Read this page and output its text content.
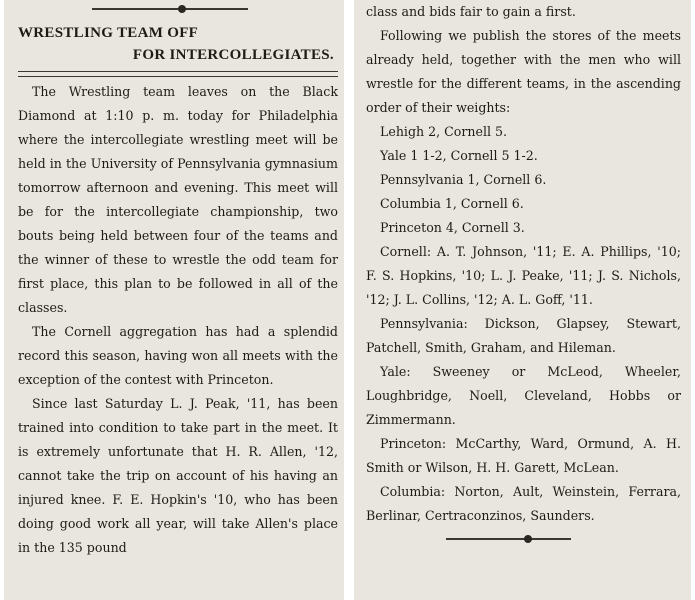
WRESTLING TEAM OFF
FOR INTERCOLLEGIATES.

The Wrestling team leaves on the Black Diamond at 1:10 p. m. today for Philadelphia where the intercollegiate wrestling meet will be held in the University of Pennsylvania gymnasium tomorrow afternoon and evening. This meet will be for the intercollegiate championship, two bouts being held between four of the teams and the winner of these to wrestle the odd team for first place, this plan to be followed in all of the classes.

The Cornell aggregation has had a splendid record this season, having won all meets with the exception of the contest with Princeton.

Since last Saturday L. J. Peak, '11, has been trained into condition to take part in the meet. It is extremely unfortunate that H. R. Allen, '12, cannot take the trip on account of his having an injured knee. F. E. Hopkin's '10, who has been doing good work all year, will take Allen's place in the 135 pound

class and bids fair to gain a first.

Following we publish the stores of the meets already held, together with the men who will wrestle for the different teams, in the ascending order of their weights:

Lehigh 2, Cornell 5.

Yale 1 1-2, Cornell 5 1-2.

Pennsylvania 1, Cornell 6.

Columbia 1, Cornell 6.

Princeton 4, Cornell 3.

Cornell: A. T. Johnson, '11; E. A. Phillips, '10; F. S. Hopkins, '10; L. J. Peake, '11; J. S. Nichols, '12; J. L. Collins, '12; A. L. Goff, '11.

Pennsylvania: Dickson, Glapsey, Stewart, Patchell, Smith, Graham, and Hileman.

Yale: Sweeney or McLeod, Wheeler, Loughbridge, Noell, Cleveland, Hobbs or Zimmermann.

Princeton: McCarthy, Ward, Ormund, A. H. Smith or Wilson, H. H. Garett, McLean.

Columbia: Norton, Ault, Weinstein, Ferrara, Berlinar, Certraconzinos, Saunders.
